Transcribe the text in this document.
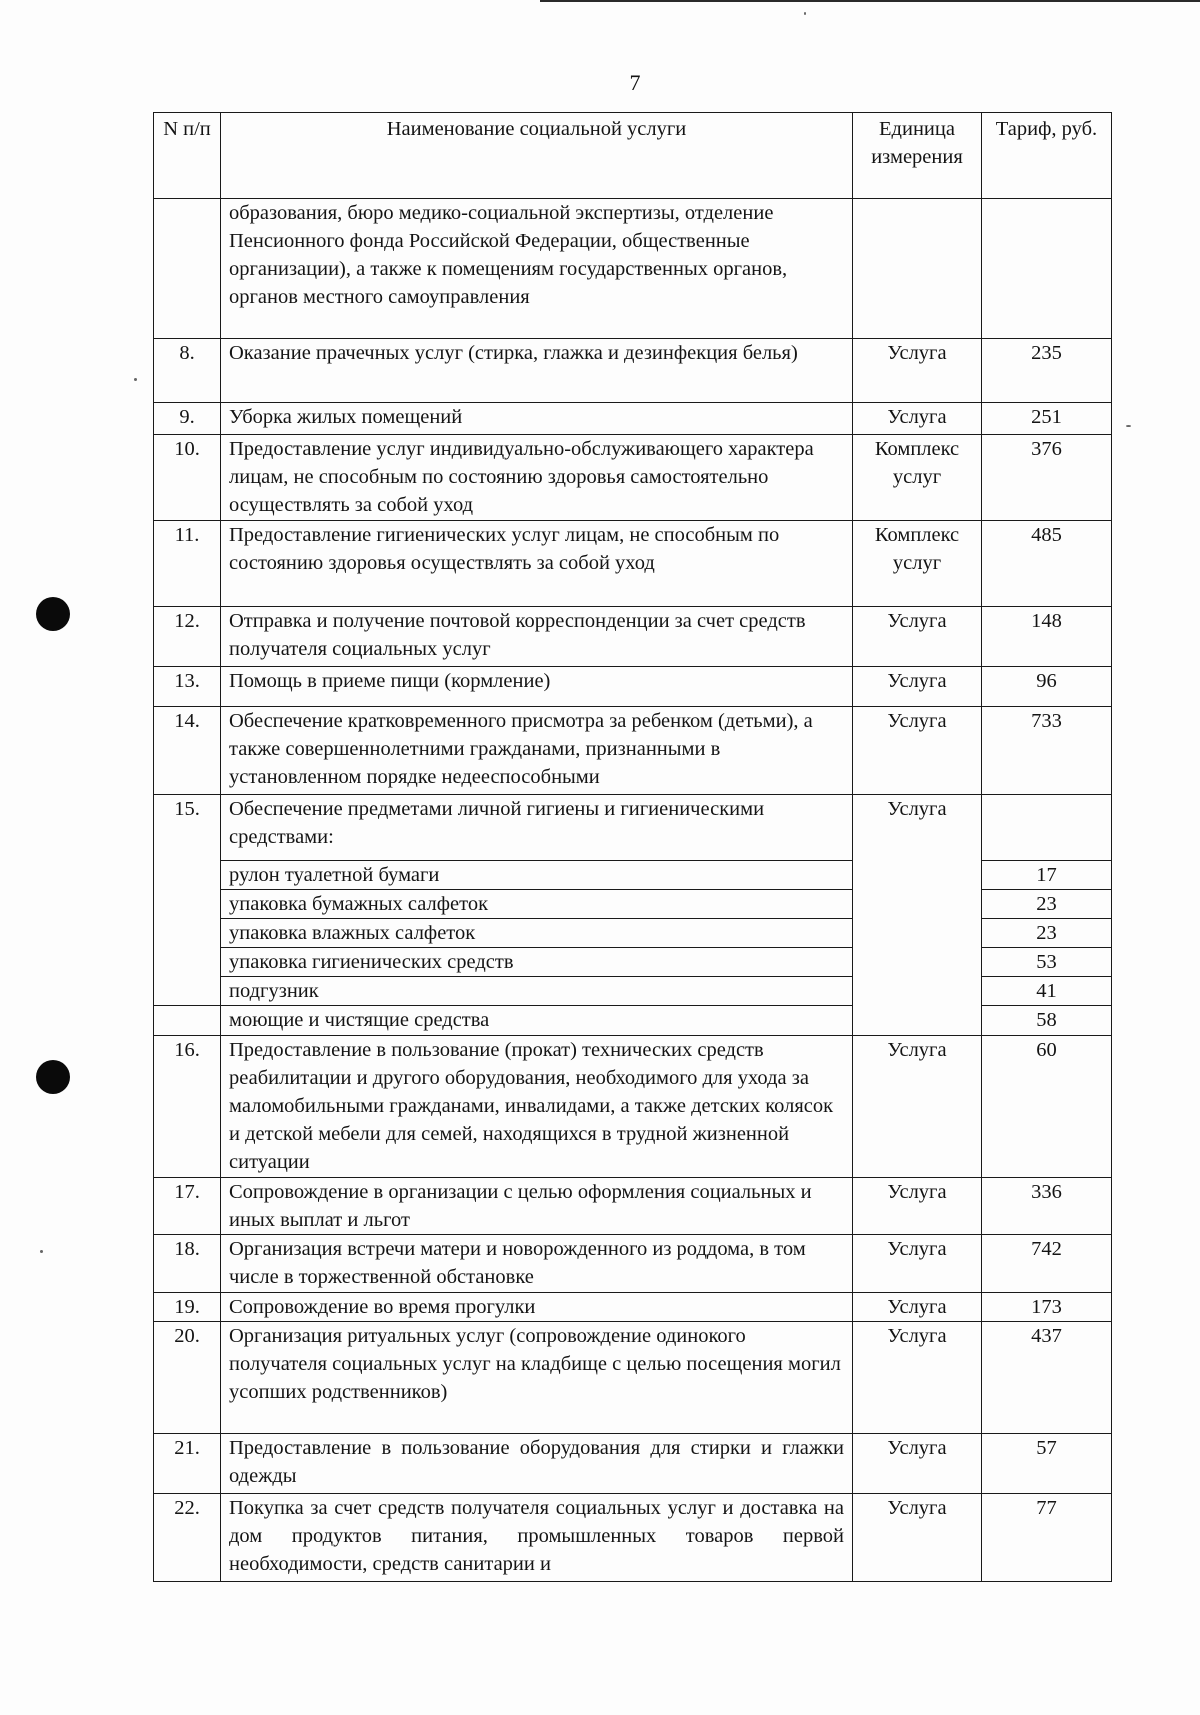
7
N п/п	Наименование социальной услуги	Единица измерения	Тариф, руб.
	образования, бюро медико-социальной экспертизы, отделение Пенсионного фонда Российской Федерации, общественные организации), а также к помещениям государственных органов, органов местного самоуправления		
8.	Оказание прачечных услуг (стирка, глажка и дезинфекция белья)	Услуга	235
9.	Уборка жилых помещений	Услуга	251
10.	Предоставление услуг индивидуально-обслуживающего характера лицам, не способным по состоянию здоровья самостоятельно осуществлять за собой уход	Комплекс услуг	376
11.	Предоставление гигиенических услуг лицам, не способным по состоянию здоровья осуществлять за собой уход	Комплекс услуг	485
12.	Отправка и получение почтовой корреспонденции за счет средств получателя социальных услуг	Услуга	148
13.	Помощь в приеме пищи (кормление)	Услуга	96
14.	Обеспечение кратковременного присмотра за ребенком (детьми), а также совершеннолетними гражданами, признанными в установленном порядке недееспособными	Услуга	733
15.	Обеспечение предметами личной гигиены и гигиеническими средствами:	Услуга	
	рулон туалетной бумаги		17
	упаковка бумажных салфеток		23
	упаковка влажных салфеток		23
	упаковка гигиенических средств		53
	подгузник		41
	моющие и чистящие средства		58
16.	Предоставление в пользование (прокат) технических средств реабилитации и другого оборудования, необходимого для ухода за маломобильными гражданами, инвалидами, а также детских колясок и детской мебели для семей, находящихся в трудной жизненной ситуации	Услуга	60
17.	Сопровождение в организации с целью оформления социальных и иных выплат и льгот	Услуга	336
18.	Организация встречи матери и новорожденного из роддома, в том числе в торжественной обстановке	Услуга	742
19.	Сопровождение во время прогулки	Услуга	173
20.	Организация ритуальных услуг (сопровождение одинокого получателя социальных услуг на кладбище с целью посещения могил усопших родственников)	Услуга	437
21.	Предоставление в пользование оборудования для стирки и глажки одежды	Услуга	57
22.	Покупка за счет средств получателя социальных услуг и доставка на дом продуктов питания, промышленных товаров первой необходимости, средств санитарии и	Услуга	77
